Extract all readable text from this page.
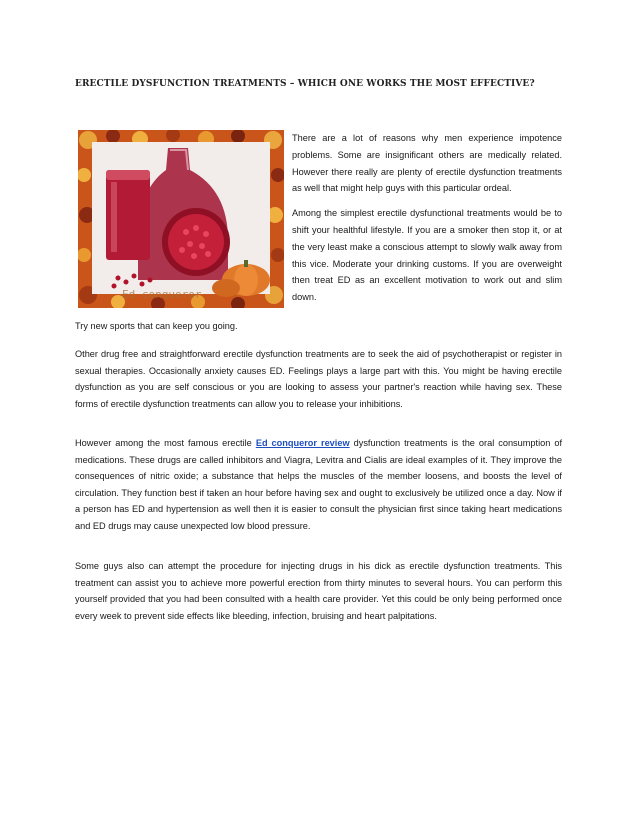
ERECTILE DYSFUNCTION TREATMENTS – WHICH ONE WORKS THE MOST EFFECTIVE?
Ed conqueror

There are a lot of reasons why men experience impotence problems. Some are insignificant others are medically related. However there really are plenty of erectile dysfunction treatments as well that might help guys with this particular ordeal.

Among the simplest erectile dysfunctional treatments would be to shift your healthful lifestyle. If you are a smoker then stop it, or at the very least make a conscious attempt to slowly walk away from this vice. Moderate your drinking customs. If you are overweight then treat ED as an excellent motivation to work out and slim down.

Try new sports that can keep you going.

Other drug free and straightforward erectile dysfunction treatments are to seek the aid of psychotherapist or register in sexual therapies. Occasionally anxiety causes ED. Feelings plays a large part with this. You might be having erectile dysfunction as you are self conscious or you are looking to assess your partner's reaction while having sex. These forms of erectile dysfunction treatments can allow you to release your inhibitions.

However among the most famous erectile Ed conqueror review dysfunction treatments is the oral consumption of medications. These drugs are called inhibitors and Viagra, Levitra and Cialis are ideal examples of it. They improve the consequences of nitric oxide; a substance that helps the muscles of the member loosens, and boosts the level of circulation. They function best if taken an hour before having sex and ought to exclusively be utilized once a day. Now if a person has ED and hypertension as well then it is easier to consult the physician first since taking heart medications and ED drugs may cause unexpected low blood pressure.

Some guys also can attempt the procedure for injecting drugs in his dick as erectile dysfunction treatments. This treatment can assist you to achieve more powerful erection from thirty minutes to several hours. You can perform this yourself provided that you had been consulted with a health care provider. Yet this could be only being performed once every week to prevent side effects like bleeding, infection, bruising and heart palpitations.
